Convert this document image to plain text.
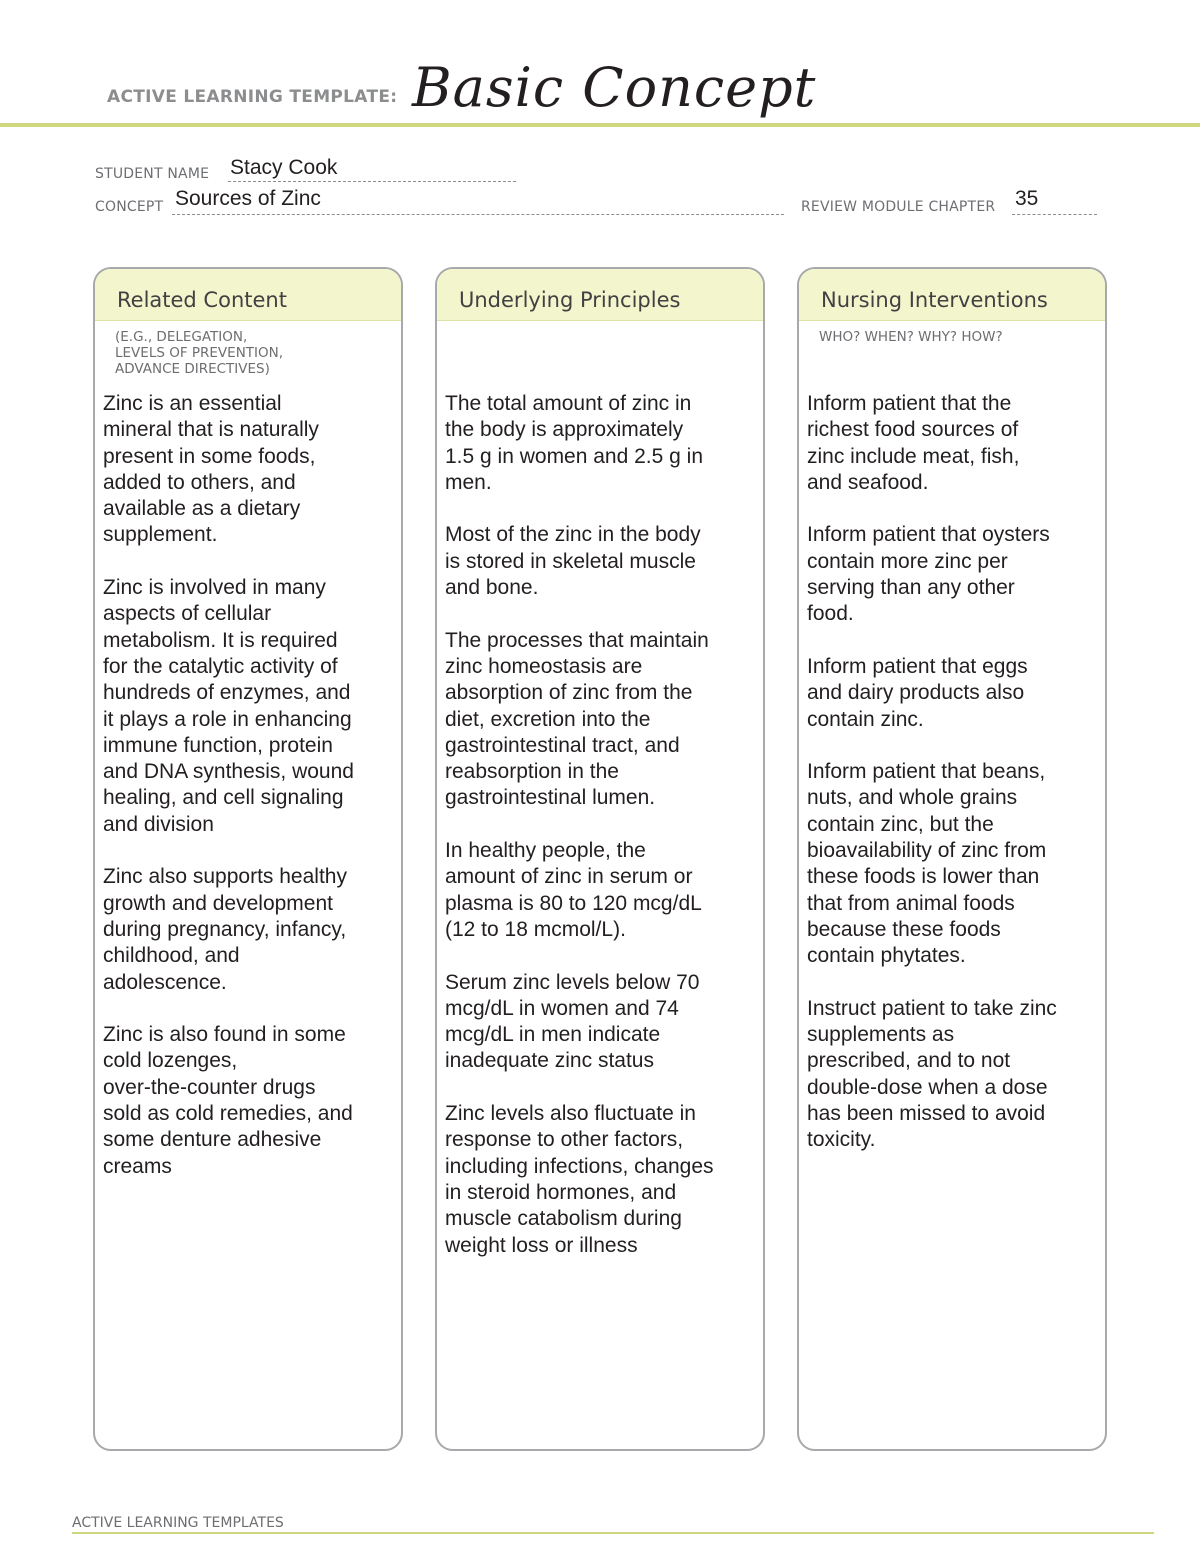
ACTIVE LEARNING TEMPLATE: Basic Concept
STUDENT NAME Stacy Cook
CONCEPT Sources of Zinc	REVIEW MODULE CHAPTER 35
Related Content
(E.G., DELEGATION,
LEVELS OF PREVENTION,
ADVANCE DIRECTIVES)

Zinc is an essential
mineral that is naturally
present in some foods,
added to others, and
available as a dietary
supplement.

Zinc is involved in many
aspects of cellular
metabolism. It is required
for the catalytic activity of
hundreds of enzymes, and
it plays a role in enhancing
immune function, protein
and DNA synthesis, wound
healing, and cell signaling
and division

Zinc also supports healthy
growth and development
during pregnancy, infancy,
childhood, and
adolescence.

Zinc is also found in some
cold lozenges,
over-the-counter drugs
sold as cold remedies, and
some denture adhesive
creams

Underlying Principles

The total amount of zinc in
the body is approximately
1.5 g in women and 2.5 g in
men.

Most of the zinc in the body
is stored in skeletal muscle
and bone.

The processes that maintain
zinc homeostasis are
absorption of zinc from the
diet, excretion into the
gastrointestinal tract, and
reabsorption in the
gastrointestinal lumen.

In healthy people, the
amount of zinc in serum or
plasma is 80 to 120 mcg/dL
(12 to 18 mcmol/L).

Serum zinc levels below 70
mcg/dL in women and 74
mcg/dL in men indicate
inadequate zinc status

Zinc levels also fluctuate in
response to other factors,
including infections, changes
in steroid hormones, and
muscle catabolism during
weight loss or illness

Nursing Interventions
WHO? WHEN? WHY? HOW?

Inform patient that the
richest food sources of
zinc include meat, fish,
and seafood.

Inform patient that oysters
contain more zinc per
serving than any other
food.

Inform patient that eggs
and dairy products also
contain zinc.

Inform patient that beans,
nuts, and whole grains
contain zinc, but the
bioavailability of zinc from
these foods is lower than
that from animal foods
because these foods
contain phytates.

Instruct patient to take zinc
supplements as
prescribed, and to not
double-dose when a dose
has been missed to avoid
toxicity.

ACTIVE LEARNING TEMPLATES
